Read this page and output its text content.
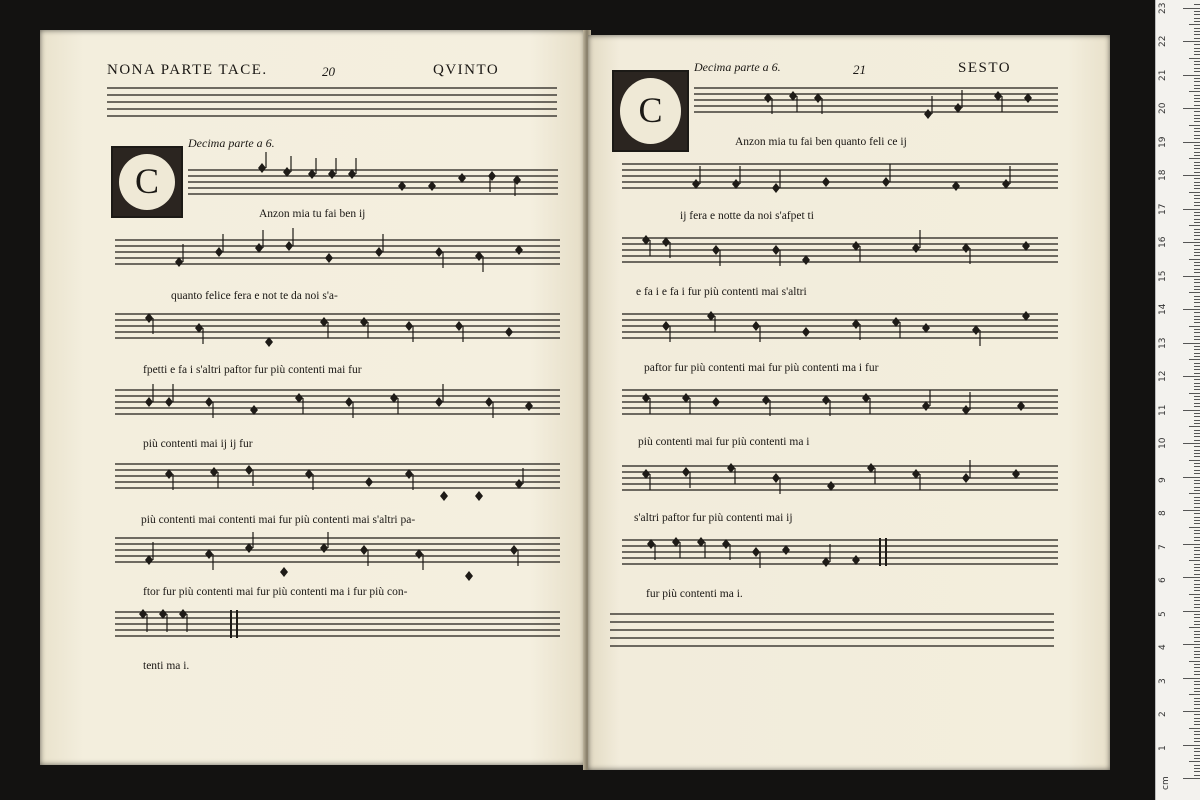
NONA PARTE TACE.	20	QVINTO
Decima parte a 6.
C
Anzon mia tu fai ben ij
quanto felice fera e not te da noi s'a-
fpetti e fa i s'altri paftor fur più contenti mai fur
più contenti mai ij ij fur
più contenti mai contenti mai fur più contenti mai s'altri pa-
ftor fur più contenti mai fur più contenti ma i fur più con-
tenti ma i.
C
Decima parte a 6.	21	SESTO
Anzon mia tu fai ben quanto feli ce ij
ij fera e notte da noi s'afpet ti
e fa i e fa i fur più contenti mai s'altri
paftor fur più contenti mai fur più contenti ma i fur
più contenti mai fur più contenti ma i
s'altri paftor fur più contenti mai ij
fur più contenti ma i.
1
2
3
4
5
6
7
8
9
10
11
12
13
14
15
16
17
18
19
20
21
22
23
cm
